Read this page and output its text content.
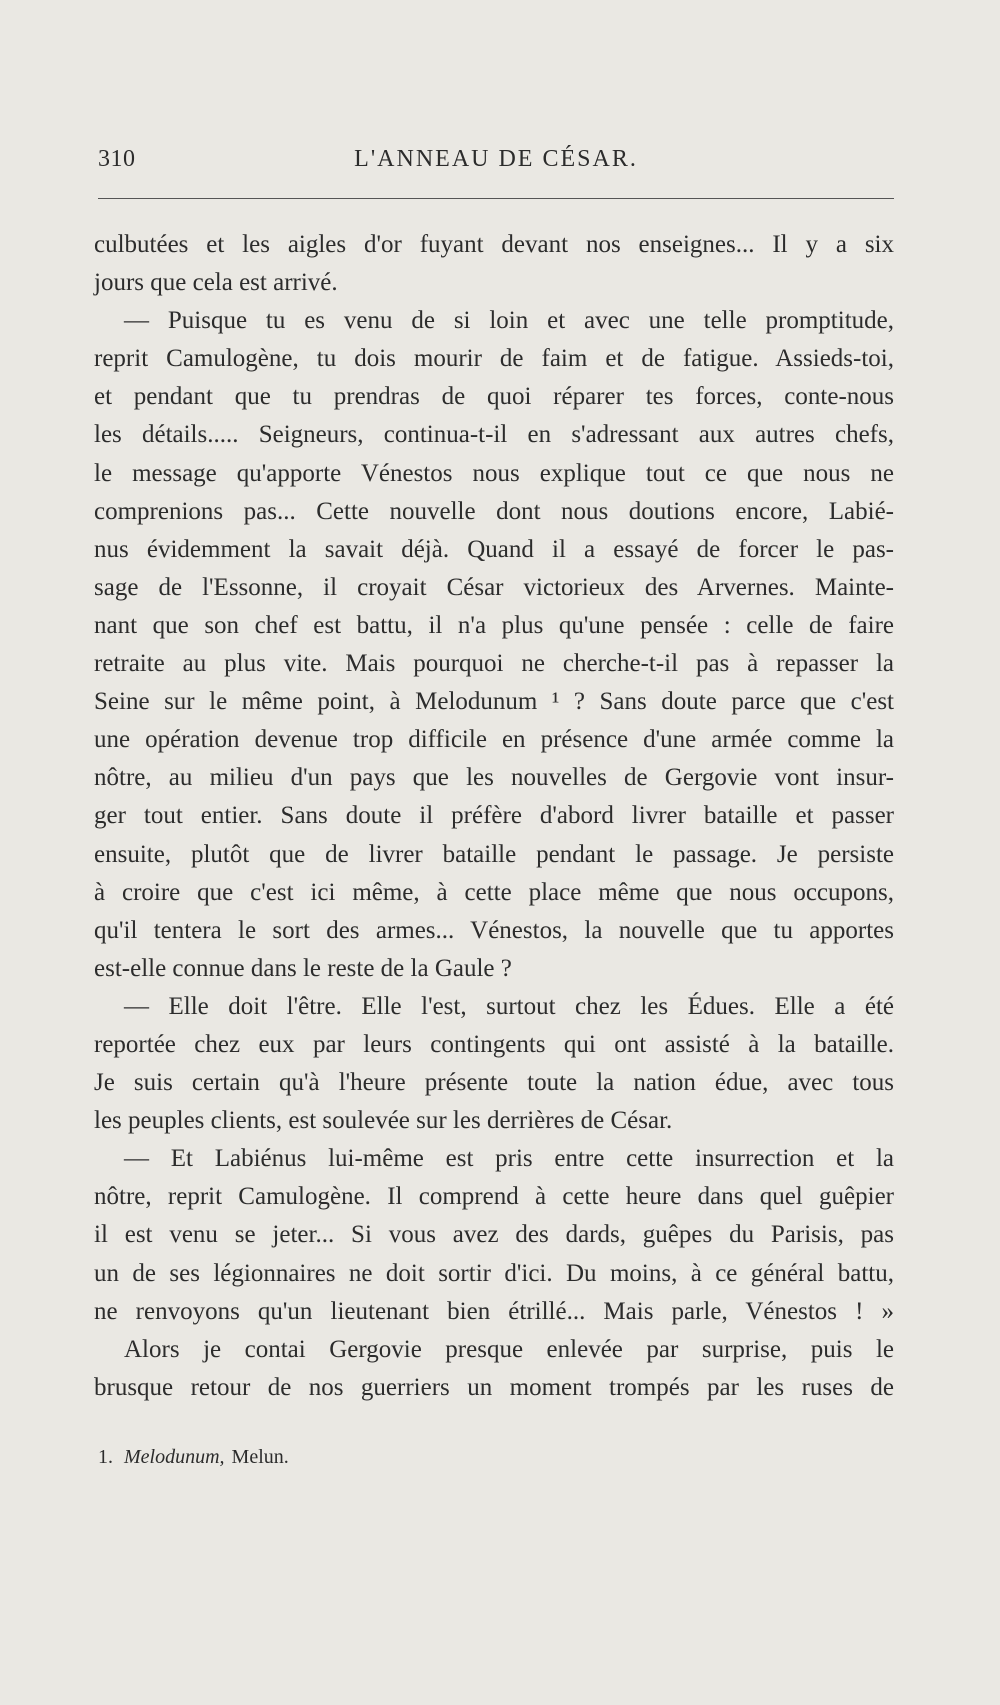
310	L'ANNEAU DE CÉSAR.
culbutées et les aigles d'or fuyant devant nos enseignes... Il y a six
jours que cela est arrivé.
— Puisque tu es venu de si loin et avec une telle promptitude,
reprit Camulogène, tu dois mourir de faim et de fatigue. Assieds-toi,
et pendant que tu prendras de quoi réparer tes forces, conte-nous
les détails..... Seigneurs, continua-t-il en s'adressant aux autres chefs,
le message qu'apporte Vénestos nous explique tout ce que nous ne
comprenions pas... Cette nouvelle dont nous doutions encore, Labié-
nus évidemment la savait déjà. Quand il a essayé de forcer le pas-
sage de l'Essonne, il croyait César victorieux des Arvernes. Mainte-
nant que son chef est battu, il n'a plus qu'une pensée : celle de faire
retraite au plus vite. Mais pourquoi ne cherche-t-il pas à repasser la
Seine sur le même point, à Melodunum ¹ ? Sans doute parce que c'est
une opération devenue trop difficile en présence d'une armée comme la
nôtre, au milieu d'un pays que les nouvelles de Gergovie vont insur-
ger tout entier. Sans doute il préfère d'abord livrer bataille et passer
ensuite, plutôt que de livrer bataille pendant le passage. Je persiste
à croire que c'est ici même, à cette place même que nous occupons,
qu'il tentera le sort des armes... Vénestos, la nouvelle que tu apportes
est-elle connue dans le reste de la Gaule ?
— Elle doit l'être. Elle l'est, surtout chez les Édues. Elle a été
reportée chez eux par leurs contingents qui ont assisté à la bataille.
Je suis certain qu'à l'heure présente toute la nation édue, avec tous
les peuples clients, est soulevée sur les derrières de César.
— Et Labiénus lui-même est pris entre cette insurrection et la
nôtre, reprit Camulogène. Il comprend à cette heure dans quel guêpier
il est venu se jeter... Si vous avez des dards, guêpes du Parisis, pas
un de ses légionnaires ne doit sortir d'ici. Du moins, à ce général battu,
ne renvoyons qu'un lieutenant bien étrillé... Mais parle, Vénestos ! »
Alors je contai Gergovie presque enlevée par surprise, puis le
brusque retour de nos guerriers un moment trompés par les ruses de
1. Melodunum, Melun.
